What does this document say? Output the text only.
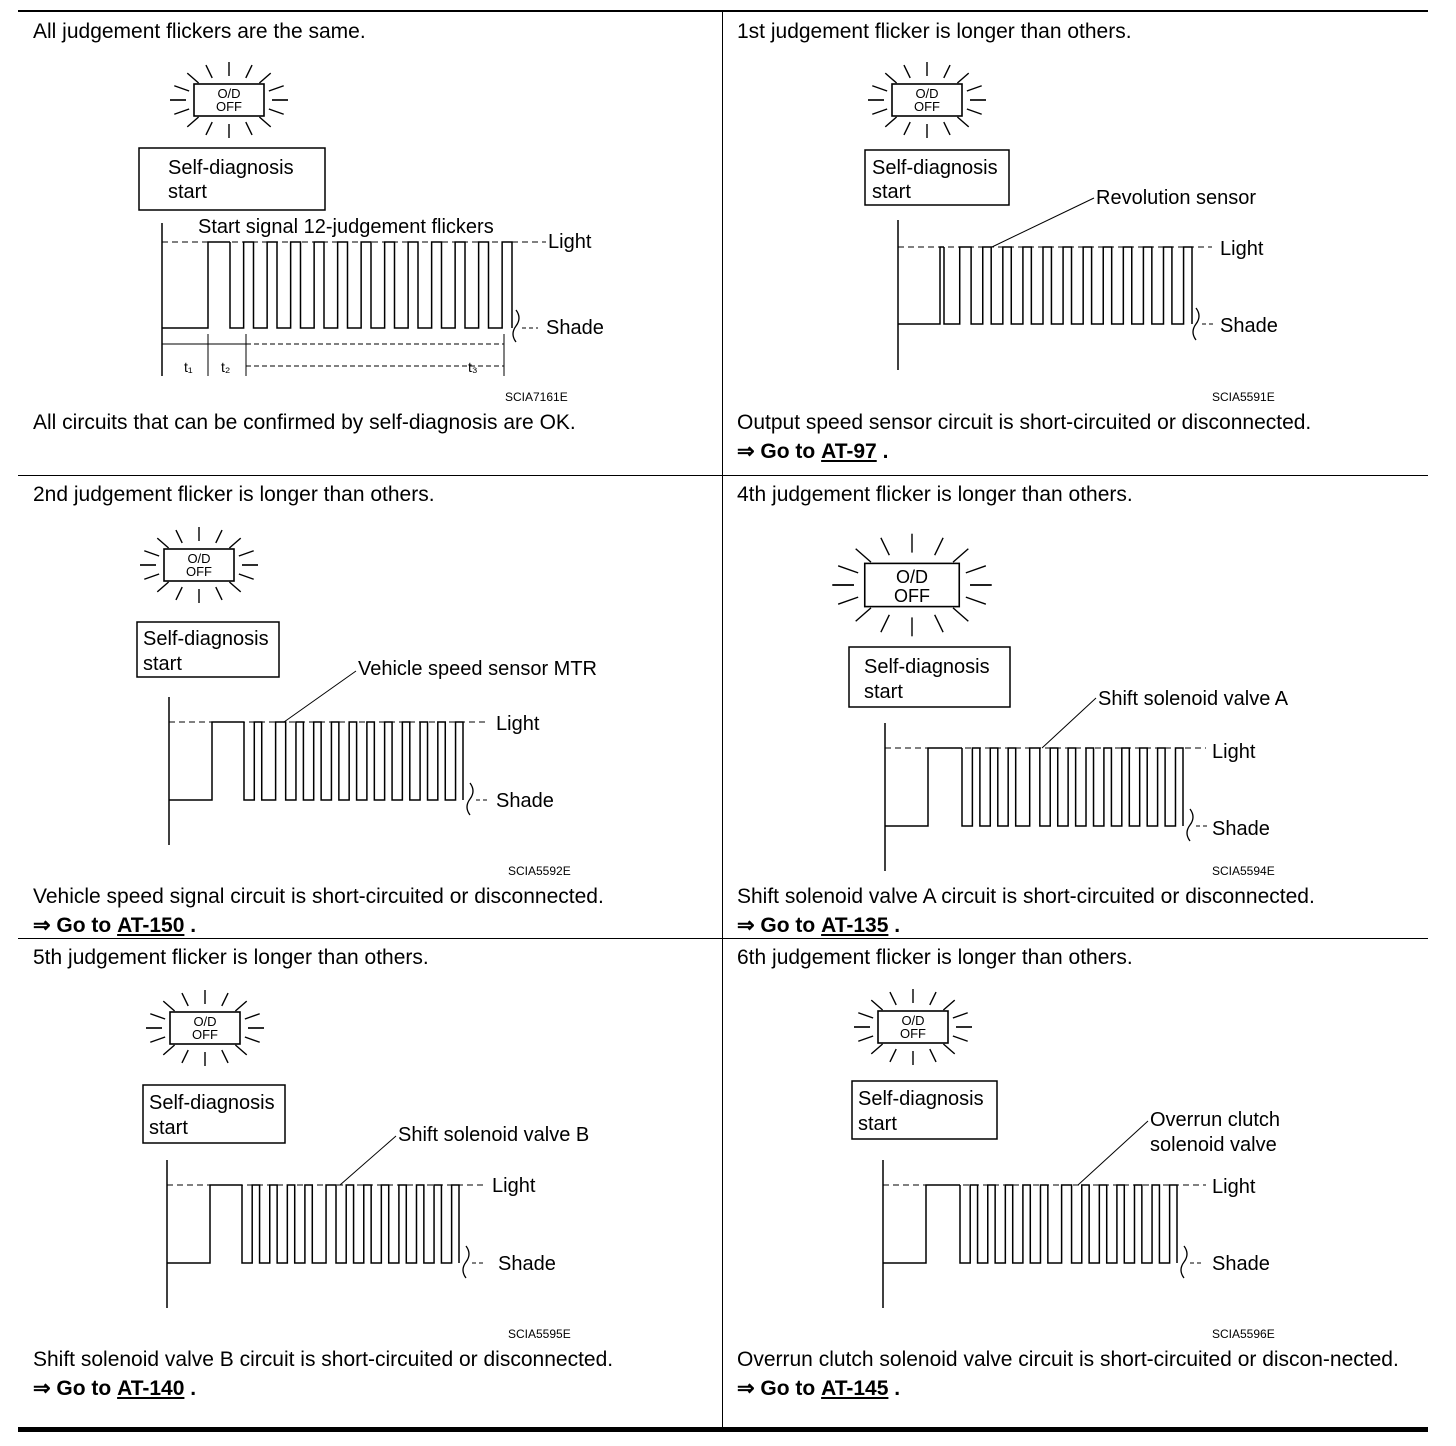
All judgement flickers are the same.
O/D
OFF
Self-diagnosis
start
Start signal 12-judgement flickers
Light
Shade
t₁ t₂	t₃
SCIA7161E
All circuits that can be confirmed by self-diagnosis are OK.
1st judgement flicker is longer than others.
O/D
OFF
Self-diagnosis
start	Revolution sensor
Light
Shade
SCIA5591E
Output speed sensor circuit is short-circuited or disconnected.
⇒ Go to AT-97 .
2nd judgement flicker is longer than others.
O/D
OFF
Self-diagnosis
start	Vehicle speed sensor MTR
Light
Shade
SCIA5592E
Vehicle speed signal circuit is short-circuited or disconnected.
⇒ Go to AT-150 .
4th judgement flicker is longer than others.
O/D
OFF
Self-diagnosis
start	Shift solenoid valve A
Light
Shade
SCIA5594E
Shift solenoid valve A circuit is short-circuited or disconnected.
⇒ Go to AT-135 .
5th judgement flicker is longer than others.
O/D
OFF
Self-diagnosis
start	Shift solenoid valve B
Light
Shade
SCIA5595E
Shift solenoid valve B circuit is short-circuited or disconnected.
⇒ Go to AT-140 .
6th judgement flicker is longer than others.
O/D
OFF
Self-diagnosis
start	Overrun clutch
solenoid valve
Light
Shade
SCIA5596E
Overrun clutch solenoid valve circuit is short-circuited or discon-nected.
⇒ Go to AT-145 .
